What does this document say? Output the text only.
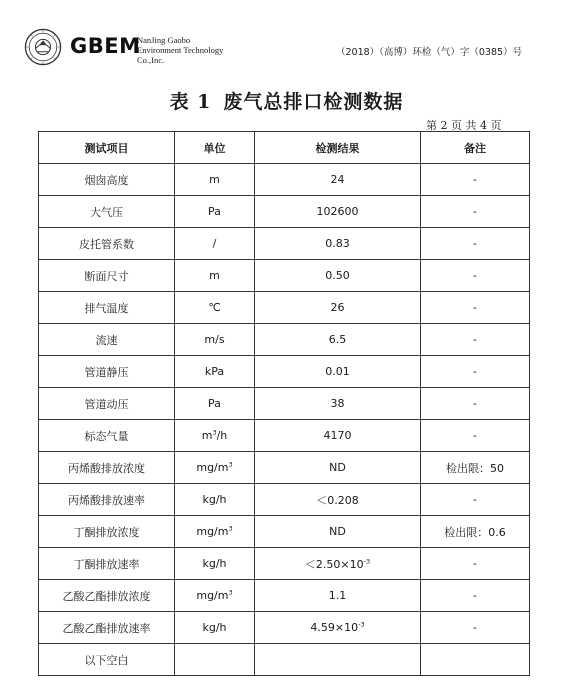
GBEM
NanJing Gaobo
Environment Technology
Co.,Inc.
（2018）（高博）环检（气）字（0385）号
表 1 废气总排口检测数据
第 2 页 共 4 页
测试项目	单位	检测结果	备注
烟囱高度	m	24	-
大气压	Pa	102600	-
皮托管系数	/	0.83	-
断面尺寸	m	0.50	-
排气温度	℃	26	-
流速	m/s	6.5	-
管道静压	kPa	0.01	-
管道动压	Pa	38	-
标态气量	$m^3/h$	4170	-
丙烯酸排放浓度	$mg/m^3$	ND	检出限：50
丙烯酸排放速率	kg/h	＜0.208	-
丁酮排放浓度	$mg/m^3$	ND	检出限：0.6
丁酮排放速率	kg/h	$<2.50\times 10^{-3}$	-
乙酸乙酯排放浓度	$mg/m^3$	1.1	-
乙酸乙酯排放速率	kg/h	$4.59\times 10^{-3}$	-
以下空白			
